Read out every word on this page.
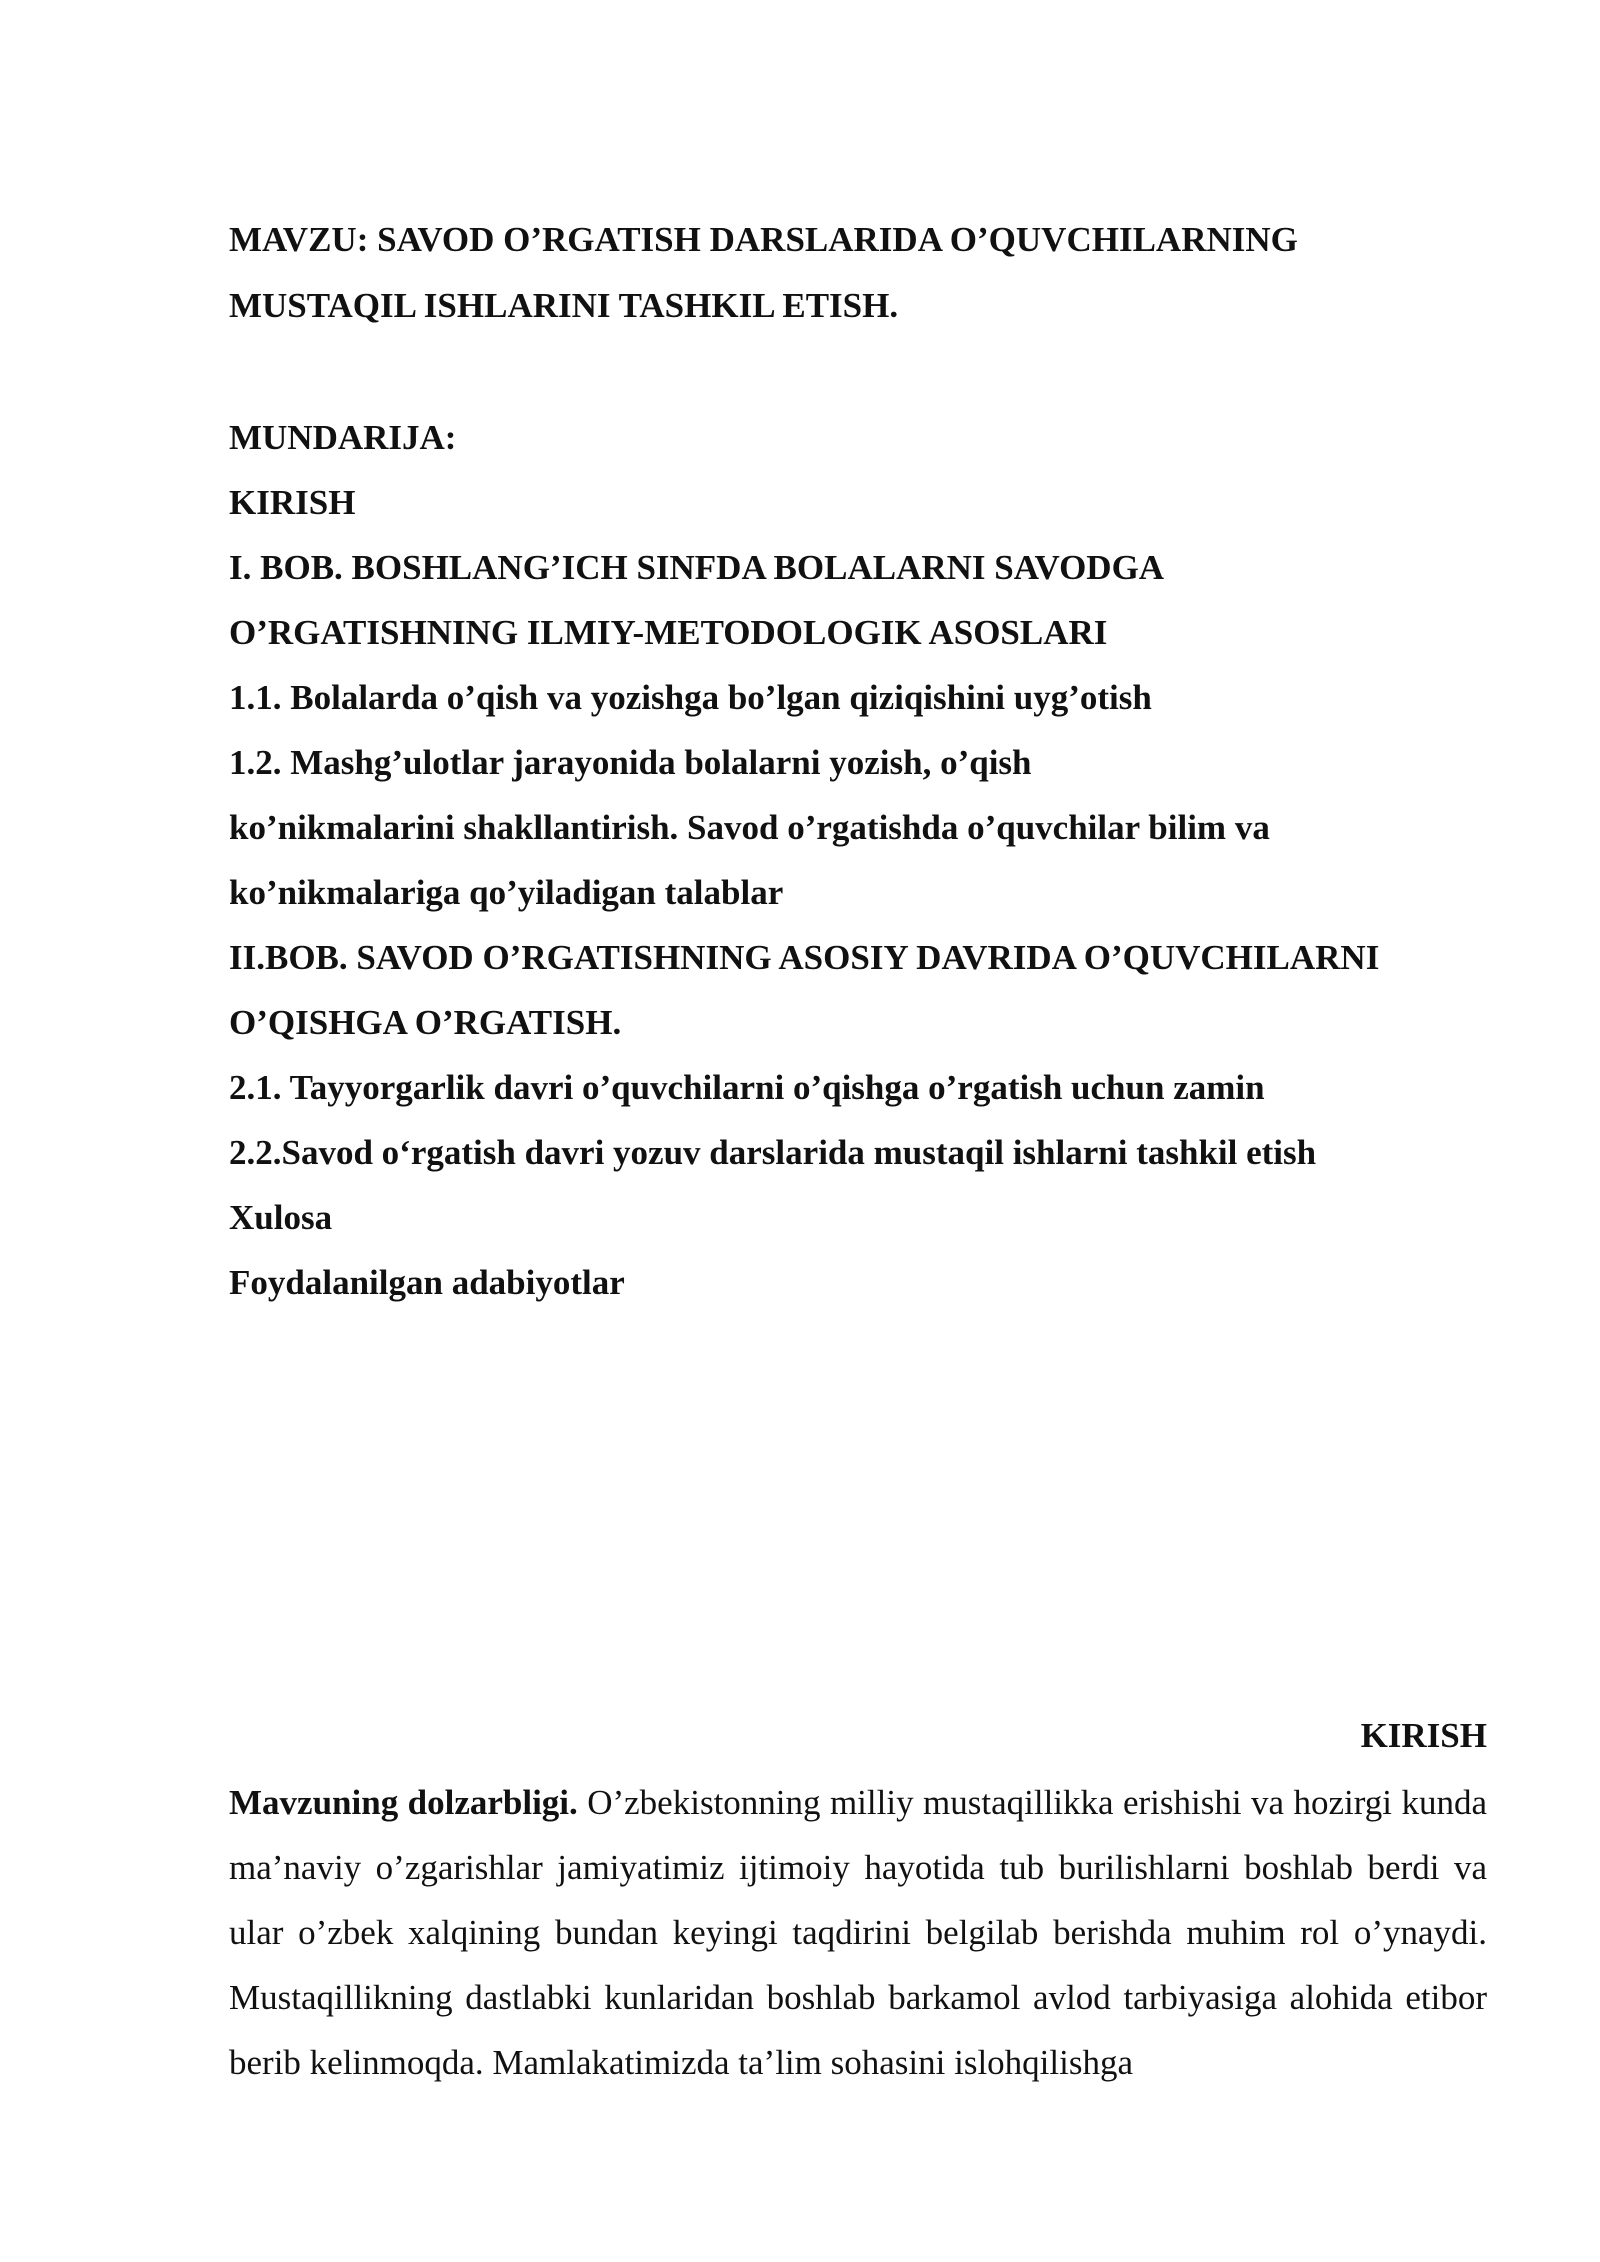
MAVZU: SAVOD O’RGATISH DARSLARIDA O’QUVCHILARNING
MUSTAQIL ISHLARINI TASHKIL ETISH.
MUNDARIJA:
KIRISH
I. BOB. BOSHLANG’ICH SINFDA BOLALARNI SAVODGA
O’RGATISHNING ILMIY-METODOLOGIK ASOSLARI
1.1. Bolalarda o’qish va yozishga bo’lgan qiziqishini uyg’otish
1.2. Mashg’ulotlar jarayonida bolalarni yozish, o’qish
ko’nikmalarini shakllantirish. Savod o’rgatishda o’quvchilar bilim va
ko’nikmalariga qo’yiladigan talablar
II.BOB. SAVOD O’RGATISHNING ASOSIY DAVRIDA O’QUVCHILARNI
O’QISHGA O’RGATISH.
2.1. Tayyorgarlik davri o’quvchilarni o’qishga o’rgatish uchun zamin
2.2.Savod o‘rgatish davri yozuv darslarida mustaqil ishlarni tashkil etish
Xulosa
Foydalanilgan adabiyotlar
KIRISH

Mavzuning dolzarbligi. O’zbekistonning milliy mustaqillikka erishishi va hozirgi kunda ma’naviy o’zgarishlar jamiyatimiz ijtimoiy hayotida tub burilishlarni boshlab berdi va ular o’zbek xalqining bundan keyingi taqdirini belgilab berishda muhim rol o’ynaydi. Mustaqillikning dastlabki kunlaridan boshlab barkamol avlod tarbiyasiga alohida etibor berib kelinmoqda. Mamlakatimizda ta’lim sohasini islohqilishga
